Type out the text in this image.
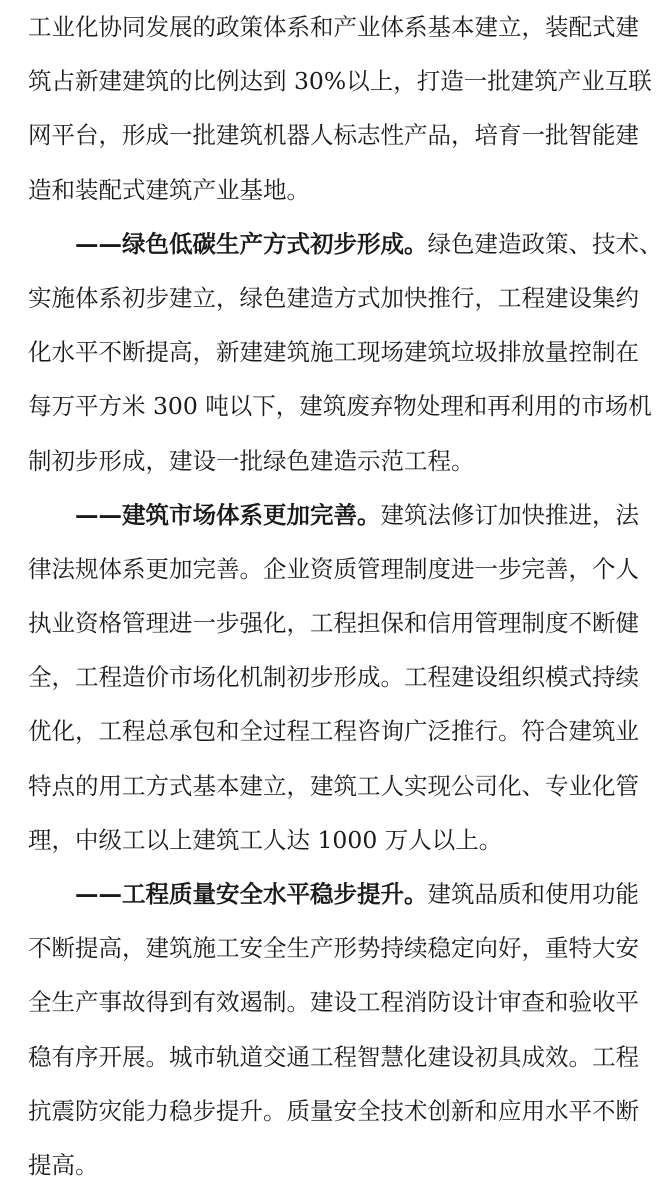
工业化协同发展的政策体系和产业体系基本建立，装配式建
筑占新建建筑的比例达到 30%以上，打造一批建筑产业互联
网平台，形成一批建筑机器人标志性产品，培育一批智能建
造和装配式建筑产业基地。
——绿色低碳生产方式初步形成。绿色建造政策、技术、
实施体系初步建立，绿色建造方式加快推行，工程建设集约
化水平不断提高，新建建筑施工现场建筑垃圾排放量控制在
每万平方米 300 吨以下，建筑废弃物处理和再利用的市场机
制初步形成，建设一批绿色建造示范工程。
——建筑市场体系更加完善。建筑法修订加快推进，法
律法规体系更加完善。企业资质管理制度进一步完善，个人
执业资格管理进一步强化，工程担保和信用管理制度不断健
全，工程造价市场化机制初步形成。工程建设组织模式持续
优化，工程总承包和全过程工程咨询广泛推行。符合建筑业
特点的用工方式基本建立，建筑工人实现公司化、专业化管
理，中级工以上建筑工人达 1000 万人以上。
——工程质量安全水平稳步提升。建筑品质和使用功能
不断提高，建筑施工安全生产形势持续稳定向好，重特大安
全生产事故得到有效遏制。建设工程消防设计审查和验收平
稳有序开展。城市轨道交通工程智慧化建设初具成效。工程
抗震防灾能力稳步提升。质量安全技术创新和应用水平不断
提高。
